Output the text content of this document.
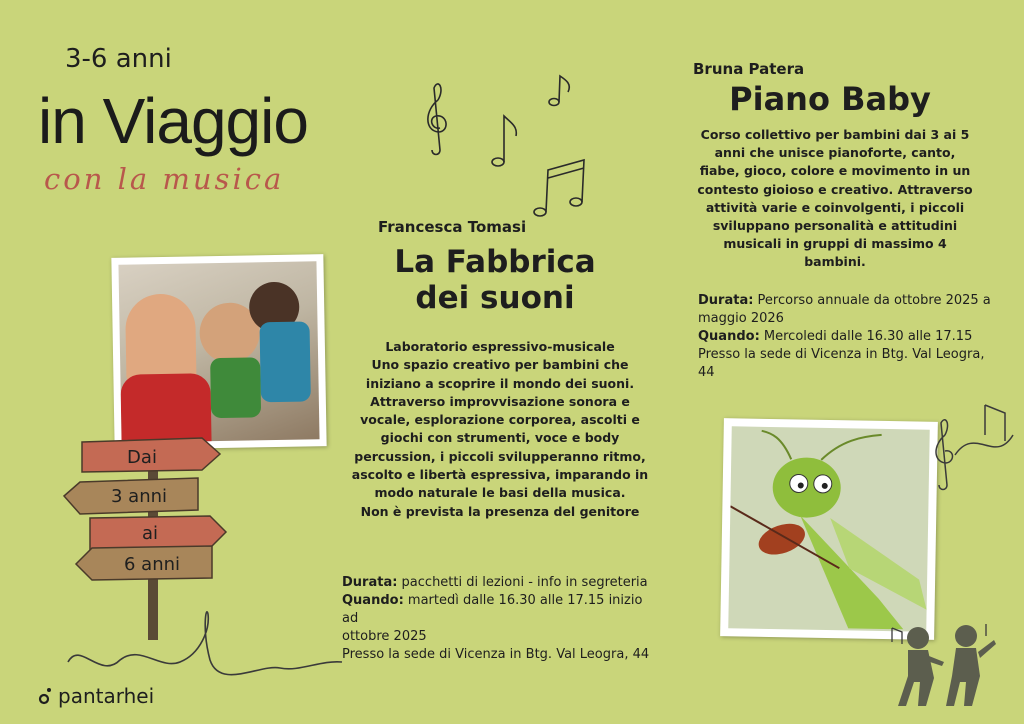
3-6 anni
in Viaggio
con la musica
Francesca Tomasi
La Fabbrica
dei suoni
Laboratorio espressivo-musicale
Uno spazio creativo per bambini che
iniziano a scoprire il mondo dei suoni.
Attraverso improvvisazione sonora e
vocale, esplorazione corporea, ascolti e
giochi con strumenti, voce e body
percussion, i piccoli svilupperanno ritmo,
ascolto e libertà espressiva, imparando in
modo naturale le basi della musica.
Non è prevista la presenza del genitore
Durata: pacchetti di lezioni - info in segreteria
Quando: martedì dalle 16.30 alle 17.15 inizio ad
ottobre 2025
Presso la sede di Vicenza in Btg. Val Leogra, 44
Bruna Patera
Piano Baby
Corso collettivo per bambini dai 3 ai 5
anni che unisce pianoforte, canto,
fiabe, gioco, colore e movimento in un
contesto gioioso e creativo. Attraverso
attività varie e coinvolgenti, i piccoli
sviluppano personalità e attitudini
musicali in gruppi di massimo 4
bambini.
Durata: Percorso annuale da ottobre 2025 a
maggio 2026
Quando: Mercoledi dalle 16.30 alle 17.15
Presso la sede di Vicenza in Btg. Val Leogra, 44
Dai
3 anni
ai
6 anni
pantarhei
